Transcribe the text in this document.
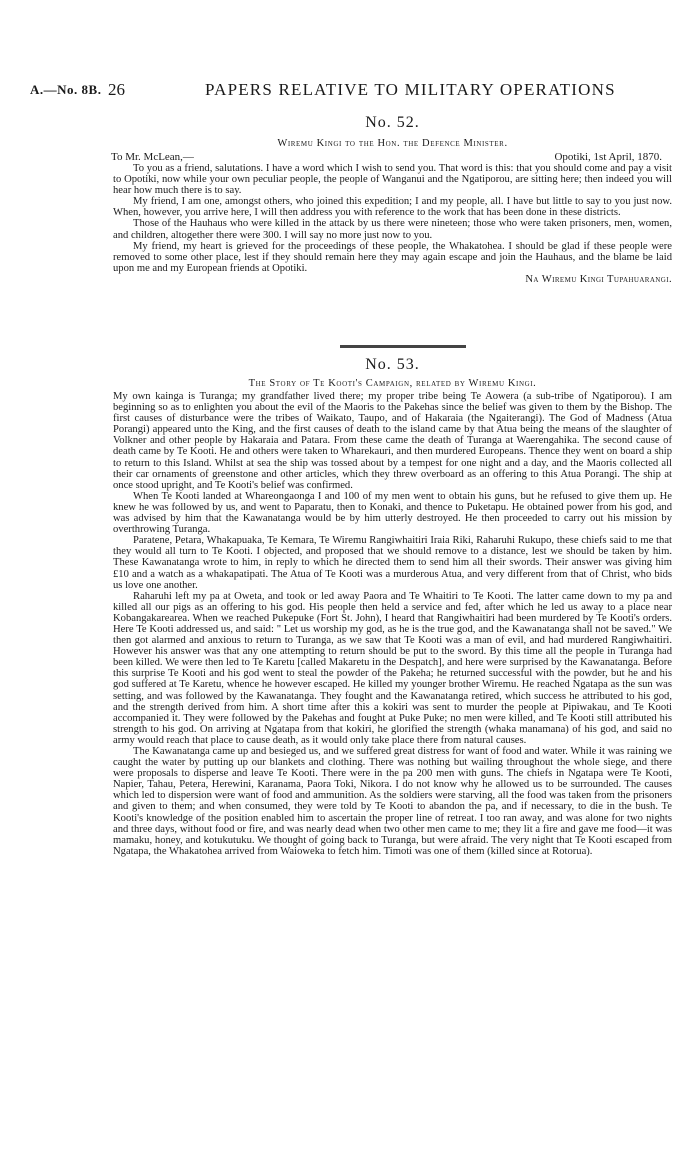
A.—No. 8B. 26	PAPERS RELATIVE TO MILITARY OPERATIONS
No. 52.
Wiremu Kingi to the Hon. the Defence Minister.
To Mr. McLean,—	Opotiki, 1st April, 1870.

To you as a friend, salutations. I have a word which I wish to send you. That word is this: that you should come and pay a visit to Opotiki, now while your own peculiar people, the people of Wanganui and the Ngatiporou, are sitting here; then indeed you will hear how much there is to say.

My friend, I am one, amongst others, who joined this expedition; I and my people, all. I have but little to say to you just now. When, however, you arrive here, I will then address you with reference to the work that has been done in these districts.

Those of the Hauhaus who were killed in the attack by us there were nineteen; those who were taken prisoners, men, women, and children, altogether there were 300. I will say no more just now to you.

My friend, my heart is grieved for the proceedings of these people, the Whakatohea. I should be glad if these people were removed to some other place, lest if they should remain here they may again escape and join the Hauhaus, and the blame be laid upon me and my European friends at Opotiki.

Na Wiremu Kingi Tupahuarangi.
No. 53.
The Story of Te Kooti's Campaign, related by Wiremu Kingi.

My own kainga is Turanga; my grandfather lived there; my proper tribe being Te Aowera (a sub-tribe of Ngatiporou). I am beginning so as to enlighten you about the evil of the Maoris to the Pakehas since the belief was given to them by the Bishop. The first causes of disturbance were the tribes of Waikato, Taupo, and of Hakaraia (the Ngaiterangi). The God of Madness (Atua Porangi) appeared unto the King, and the first causes of death to the island came by that Atua being the means of the slaughter of Volkner and other people by Hakaraia and Patara. From these came the death of Turanga at Waerengahika. The second cause of death came by Te Kooti. He and others were taken to Wharekauri, and then murdered Europeans. Thence they went on board a ship to return to this Island. Whilst at sea the ship was tossed about by a tempest for one night and a day, and the Maoris collected all their car ornaments of greenstone and other articles, which they threw overboard as an offering to this Atua Porangi. The ship at once stood upright, and Te Kooti's belief was confirmed.

When Te Kooti landed at Whareongaonga I and 100 of my men went to obtain his guns, but he refused to give them up. He knew he was followed by us, and went to Paparatu, then to Konaki, and thence to Puketapu. He obtained power from his god, and was advised by him that the Kawanatanga would be by him utterly destroyed. He then proceeded to carry out his mission by overthrowing Turanga.

Paratene, Petara, Whakapuaka, Te Kemara, Te Wiremu Rangiwhaitiri Iraia Riki, Raharuhi Rukupo, these chiefs said to me that they would all turn to Te Kooti. I objected, and proposed that we should remove to a distance, lest we should be taken by him. These Kawanatanga wrote to him, in reply to which he directed them to send him all their swords. Their answer was giving him £10 and a watch as a whakapatipati. The Atua of Te Kooti was a murderous Atua, and very different from that of Christ, who bids us love one another.

Raharuhi left my pa at Oweta, and took or led away Paora and Te Whaitiri to Te Kooti. The latter came down to my pa and killed all our pigs as an offering to his god. His people then held a service and fed, after which he led us away to a place near Kobangakarearea. When we reached Pukepuke (Fort St. John), I heard that Rangiwhaitiri had been murdered by Te Kooti's orders. Here Te Kooti addressed us, and said: " Let us worship my god, as he is the true god, and the Kawanatanga shall not be saved." We then got alarmed and anxious to return to Turanga, as we saw that Te Kooti was a man of evil, and had murdered Rangiwhaitiri. However his answer was that any one attempting to return should be put to the sword. By this time all the people in Turanga had been killed. We were then led to Te Karetu [called Makaretu in the Despatch], and here were surprised by the Kawanatanga. Before this surprise Te Kooti and his god went to steal the powder of the Pakeha; he returned successful with the powder, but he and his god suffered at Te Karetu, whence he however escaped. He killed my younger brother Wiremu. He reached Ngatapa as the sun was setting, and was followed by the Kawanatanga. They fought and the Kawanatanga retired, which success he attributed to his god, and the strength derived from him. A short time after this a kokiri was sent to murder the people at Pipiwakau, and Te Kooti accompanied it. They were followed by the Pakehas and fought at Puke Puke; no men were killed, and Te Kooti still attributed his strength to his god. On arriving at Ngatapa from that kokiri, he glorified the strength (whaka manamana) of his god, and said no army would reach that place to cause death, as it would only take place there from natural causes.

The Kawanatanga came up and besieged us, and we suffered great distress for want of food and water. While it was raining we caught the water by putting up our blankets and clothing. There was nothing but wailing throughout the whole siege, and there were proposals to disperse and leave Te Kooti. There were in the pa 200 men with guns. The chiefs in Ngatapa were Te Kooti, Napier, Tahau, Petera, Herewini, Karanama, Paora Toki, Nikora. I do not know why he allowed us to be surrounded. The causes which led to dispersion were want of food and ammunition. As the soldiers were starving, all the food was taken from the prisoners and given to them; and when consumed, they were told by Te Kooti to abandon the pa, and if necessary, to die in the bush. Te Kooti's knowledge of the position enabled him to ascertain the proper line of retreat. I too ran away, and was alone for two nights and three days, without food or fire, and was nearly dead when two other men came to me; they lit a fire and gave me food—it was mamaku, honey, and kotukutuku. We thought of going back to Turanga, but were afraid. The very night that Te Kooti escaped from Ngatapa, the Whakatohea arrived from Waioweka to fetch him. Timoti was one of them (killed since at Rotorua).
